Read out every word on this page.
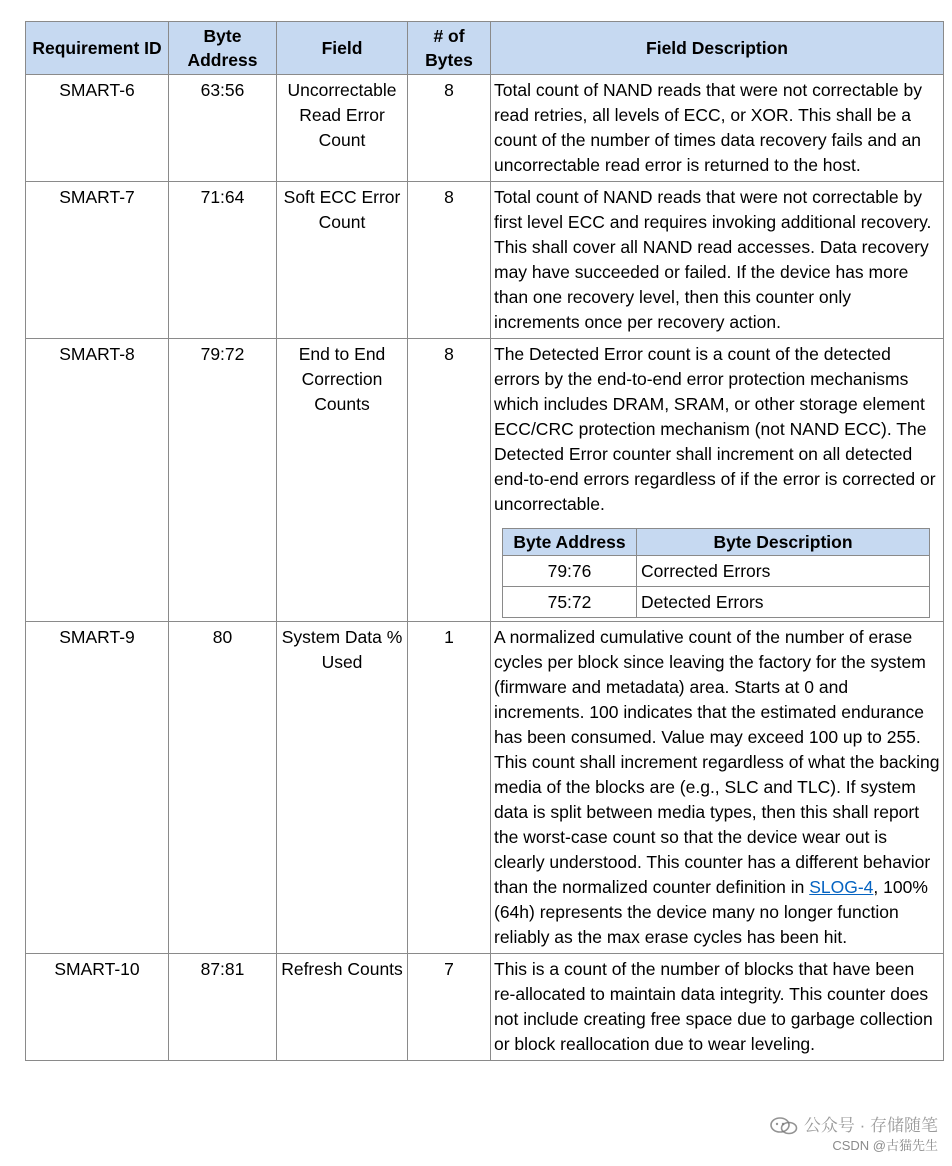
Requirement ID	Byte Address	Field	# of Bytes	Field Description
SMART-6	63:56	Uncorrectable Read Error Count	8	Total count of NAND reads that were not correctable by read retries, all levels of ECC, or XOR. This shall be a count of the number of times data recovery fails and an uncorrectable read error is returned to the host.
SMART-7	71:64	Soft ECC Error Count	8	Total count of NAND reads that were not correctable by first level ECC and requires invoking additional recovery. This shall cover all NAND read accesses. Data recovery may have succeeded or failed. If the device has more than one recovery level, then this counter only increments once per recovery action.
SMART-8	79:72	End to End Correction Counts	8	The Detected Error count is a count of the detected errors by the end-to-end error protection mechanisms which includes DRAM, SRAM, or other storage element ECC/CRC protection mechanism (not NAND ECC). The Detected Error counter shall increment on all detected end-to-end errors regardless of if the error is corrected or uncorrectable.
Byte Address	Byte Description
79:76	Corrected Errors
75:72	Detected Errors

SMART-9	80	System Data % Used	1	A normalized cumulative count of the number of erase cycles per block since leaving the factory for the system (firmware and metadata) area. Starts at 0 and increments. 100 indicates that the estimated endurance has been consumed. Value may exceed 100 up to 255. This count shall increment regardless of what the backing media of the blocks are (e.g., SLC and TLC). If system data is split between media types, then this shall report the worst-case count so that the device wear out is clearly understood. This counter has a different behavior than the normalized counter definition in SLOG-4, 100% (64h) represents the device many no longer function reliably as the max erase cycles has been hit.
SMART-10	87:81	Refresh Counts	7	This is a count of the number of blocks that have been re-allocated to maintain data integrity. This counter does not include creating free space due to garbage collection or block reallocation due to wear leveling.
公众号 · 存储随笔
CSDN @古猫先生
